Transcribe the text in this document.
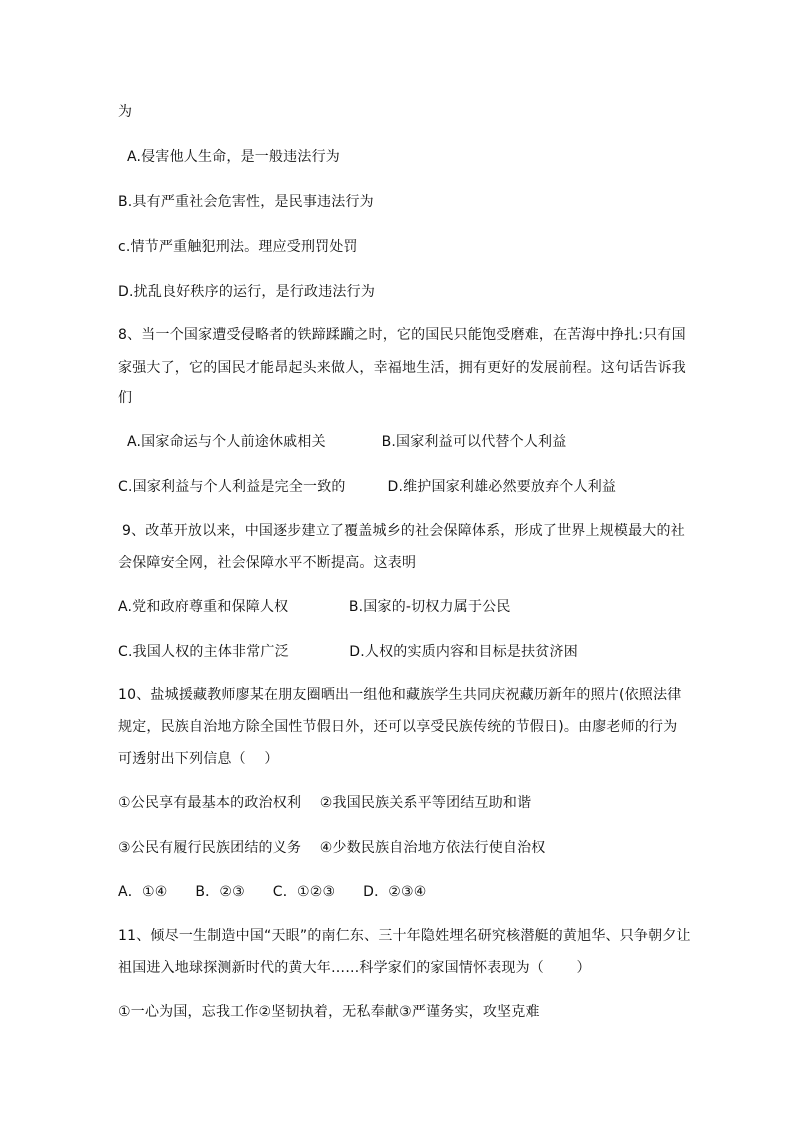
为
A.侵害他人生命，是一般违法行为
B.具有严重社会危害性，是民事违法行为
c.情节严重触犯刑法。理应受刑罚处罚
D.扰乱良好秩序的运行，是行政违法行为
8、当一个国家遭受侵略者的铁蹄蹂躏之时，它的国民只能饱受磨难，在苦海中挣扎:只有国
家强大了，它的国民才能昂起头来做人，幸福地生活，拥有更好的发展前程。这句话告诉我
们
A.国家命运与个人前途休戚相关            B.国家利益可以代替个人利益
C.国家利益与个人利益是完全一致的         D.维护国家利雄必然要放弃个人利益
9、改革开放以来，中国逐步建立了覆盖城乡的社会保障体系，形成了世界上规模最大的社
会保障安全网，社会保障水平不断提高。这表明
A.党和政府尊重和保障人权             B.国家的-切权力属于公民
C.我国人权的主体非常广泛             D.人权的实质内容和目标是扶贫济困
10、盐城援藏教师廖某在朋友圈晒出一组他和藏族学生共同庆祝藏历新年的照片(依照法律
规定，民族自治地方除全国性节假日外，还可以享受民族传统的节假日)。由廖老师的行为
可透射出下列信息（    ）
①公民享有最基本的政治权利    ②我国民族关系平等团结互助和谐
③公民有履行民族团结的义务    ④少数民族自治地方依法行使自治权
A．①④      B．②③      C．①②③      D．②③④
11、倾尽一生制造中国“天眼”的南仁东、三十年隐姓埋名研究核潜艇的黄旭华、只争朝夕让
祖国进入地球探测新时代的黄大年……科学家们的家国情怀表现为（       ）
①一心为国，忘我工作②坚韧执着，无私奉献③严谨务实，攻坚克难
